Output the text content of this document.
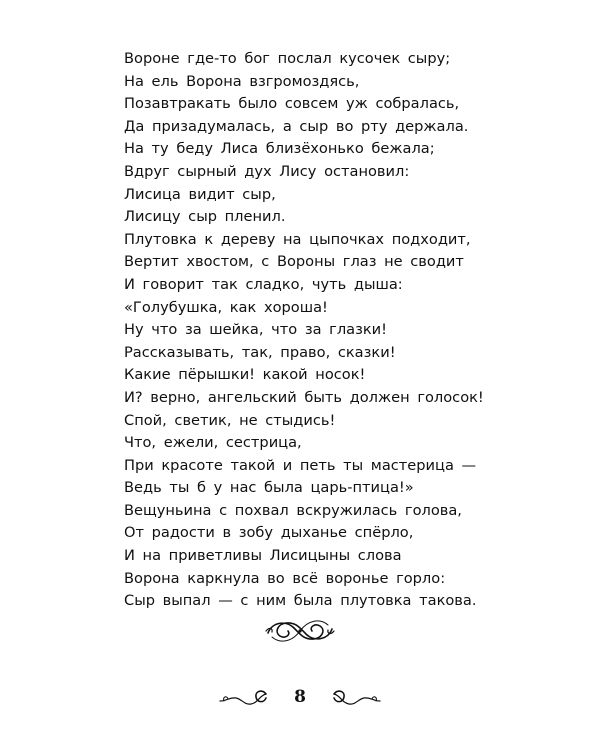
Вороне где-то бог послал кусочек сыру;
На ель Ворона взгромоздясь,
Позавтракать было совсем уж собралась,
Да призадумалась, а сыр во рту держала.
На ту беду Лиса близёхонько бежала;
Вдруг сырный дух Лису остановил:
Лисица видит сыр,
Лисицу сыр пленил.
Плутовка к дереву на цыпочках подходит,
Вертит хвостом, с Вороны глаз не сводит
И говорит так сладко, чуть дыша:
«Голубушка, как хороша!
Ну что за шейка, что за глазки!
Рассказывать, так, право, сказки!
Какие пёрышки! какой носок!
И? верно, ангельский быть должен голосок!
Спой, светик, не стыдись!
Что, ежели, сестрица,
При красоте такой и петь ты мастерица —
Ведь ты б у нас была царь-птица!»
Вещуньина с похвал вскружилась голова,
От радости в зобу дыханье спёрло,
И на приветливы Лисицыны слова
Ворона каркнула во всё воронье горло:
Сыр выпал — с ним была плутовка такова.
8
